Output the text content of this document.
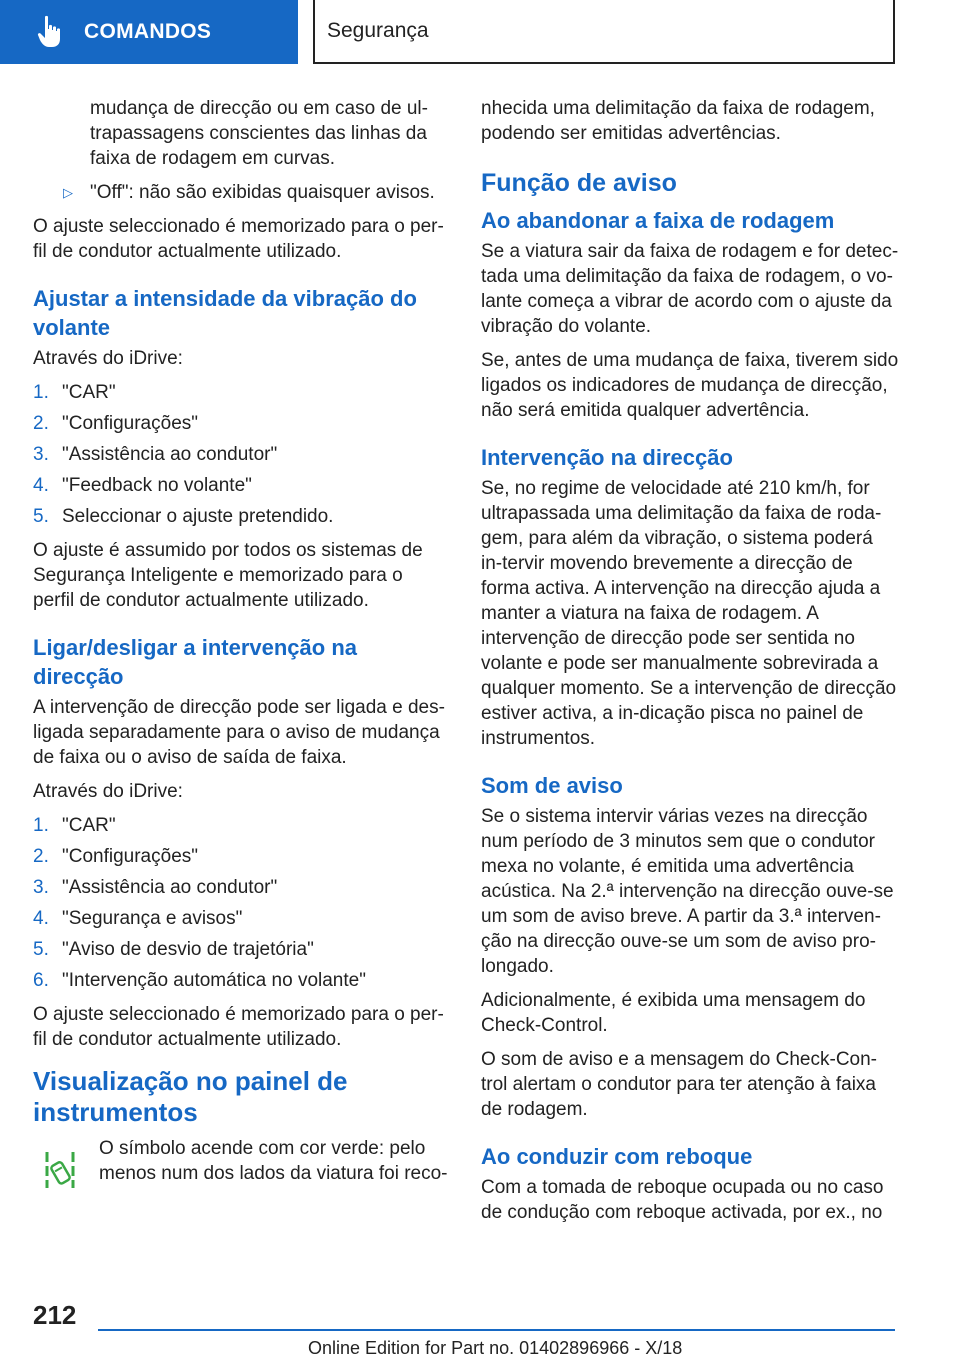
COMANDOS	Segurança
mudança de direcção ou em caso de ul-trapassagens conscientes das linhas da faixa de rodagem em curvas.
▷ "Off": não são exibidas quaisquer avisos.
O ajuste seleccionado é memorizado para o per-fil de condutor actualmente utilizado.
Ajustar a intensidade da vibração do volante
Através do iDrive:
1. "CAR"
2. "Configurações"
3. "Assistência ao condutor"
4. "Feedback no volante"
5. Seleccionar o ajuste pretendido.
O ajuste é assumido por todos os sistemas de Segurança Inteligente e memorizado para o perfil de condutor actualmente utilizado.
Ligar/desligar a intervenção na direcção
A intervenção de direcção pode ser ligada e des-ligada separadamente para o aviso de mudança de faixa ou o aviso de saída de faixa.
Através do iDrive:
1. "CAR"
2. "Configurações"
3. "Assistência ao condutor"
4. "Segurança e avisos"
5. "Aviso de desvio de trajetória"
6. "Intervenção automática no volante"
O ajuste seleccionado é memorizado para o per-fil de condutor actualmente utilizado.
Visualização no painel de instrumentos
O símbolo acende com cor verde: pelo menos num dos lados da viatura foi reco-
nhecida uma delimitação da faixa de rodagem, podendo ser emitidas advertências.
Função de aviso
Ao abandonar a faixa de rodagem
Se a viatura sair da faixa de rodagem e for detec-tada uma delimitação da faixa de rodagem, o vo-lante começa a vibrar de acordo com o ajuste da vibração do volante.
Se, antes de uma mudança de faixa, tiverem sido ligados os indicadores de mudança de direcção, não será emitida qualquer advertência.
Intervenção na direcção
Se, no regime de velocidade até 210 km/h, for ultrapassada uma delimitação da faixa de roda-gem, para além da vibração, o sistema poderá in-tervir movendo brevemente a direcção de forma activa. A intervenção na direcção ajuda a manter a viatura na faixa de rodagem. A intervenção de direcção pode ser sentida no volante e pode ser manualmente sobrevirada a qualquer momento. Se a intervenção de direcção estiver activa, a in-dicação pisca no painel de instrumentos.
Som de aviso
Se o sistema intervir várias vezes na direcção num período de 3 minutos sem que o condutor mexa no volante, é emitida uma advertência acústica. Na 2.ª intervenção na direcção ouve-se um som de aviso breve. A partir da 3.ª interven-ção na direcção ouve-se um som de aviso pro-longado.
Adicionalmente, é exibida uma mensagem do Check-Control.
O som de aviso e a mensagem do Check-Con-trol alertam o condutor para ter atenção à faixa de rodagem.
Ao conduzir com reboque
Com a tomada de reboque ocupada ou no caso de condução com reboque activada, por ex., no
212
Online Edition for Part no. 01402896966 - X/18
